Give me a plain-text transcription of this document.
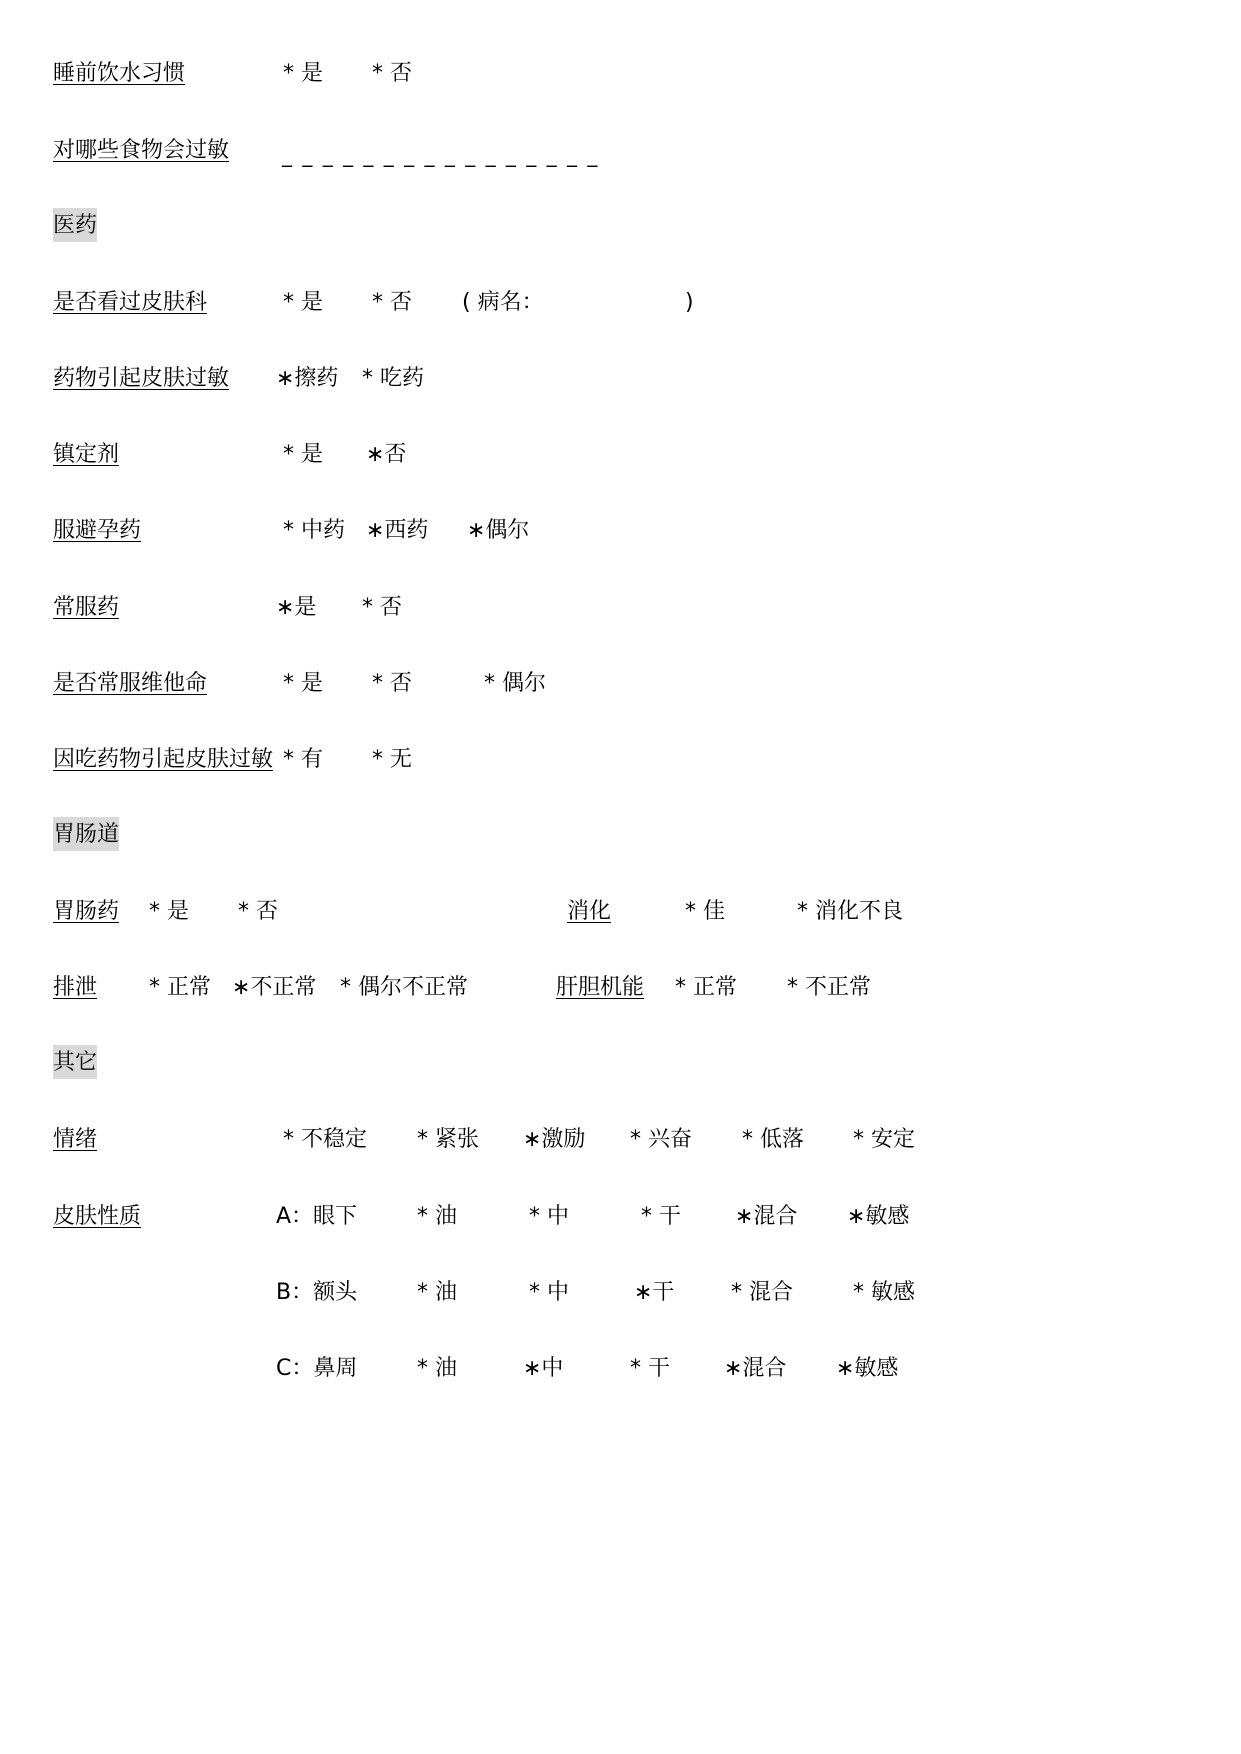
睡前饮水习惯	* 是 * 否
对哪些食物会过敏	_ _ _ _ _ _ _ _ _ _ _ _ _ _ _ _
医药
是否看过皮肤科	* 是 * 否 ( 病名：	)
药物引起皮肤过敏 ∗擦药 * 吃药
镇定剂	* 是 ∗否
服避孕药	* 中药 ∗西药 ∗偶尔
常服药	∗是 * 否
是否常服维他命	* 是 * 否	* 偶尔
因吃药物引起皮肤过敏 * 有 * 无
胃肠道
胃肠药 * 是 * 否	消化	* 佳	* 消化不良
排泄 * 正常 ∗不正常 * 偶尔不正常	肝胆机能 * 正常 * 不正常
其它
情绪	* 不稳定 * 紧张 ∗激励 * 兴奋 * 低落 * 安定
皮肤性质	A：眼下	* 油	* 中	* 干 ∗混合 ∗敏感
B：额头	* 油	* 中	∗干	* 混合	* 敏感
C：鼻周	* 油	∗中	* 干 ∗混合 ∗敏感
